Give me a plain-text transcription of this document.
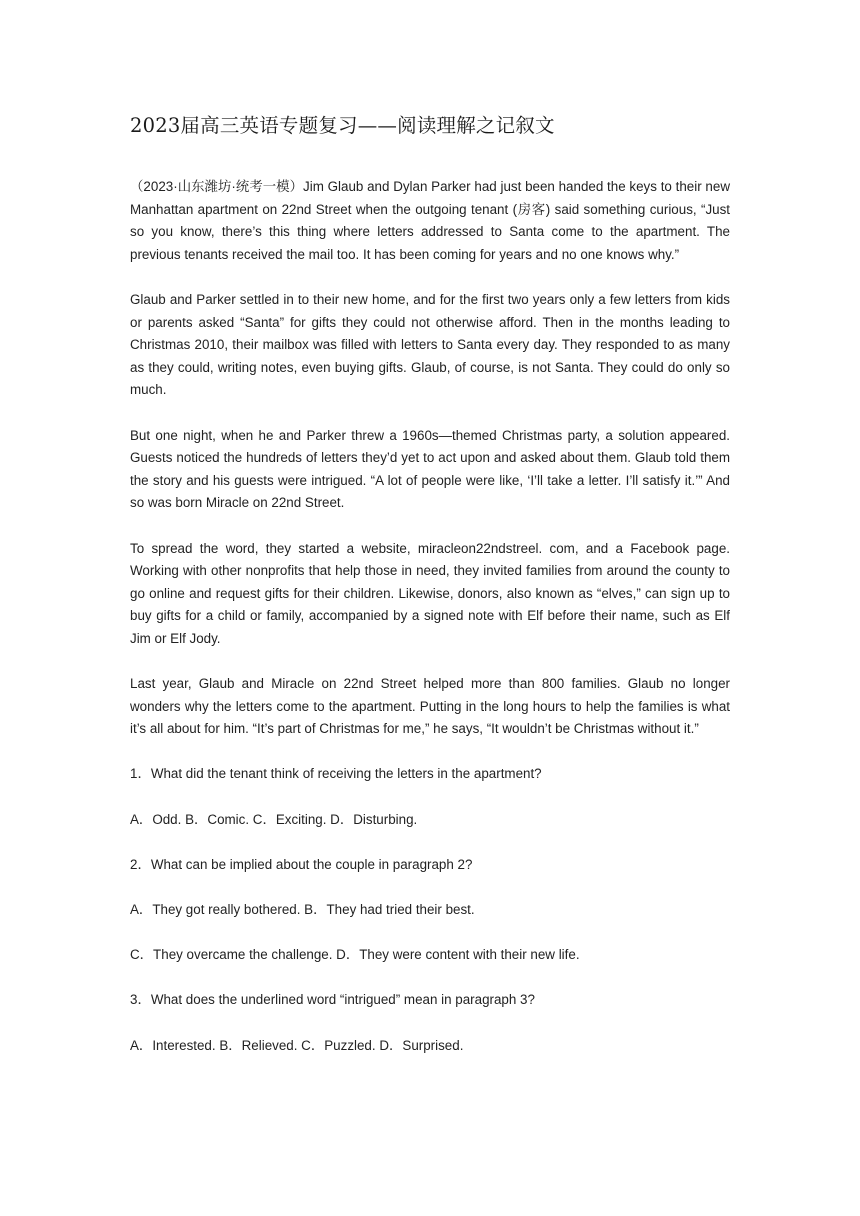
2023届高三英语专题复习——阅读理解之记叙文

（2023·山东潍坊·统考一模）Jim Glaub and Dylan Parker had just been handed the keys to their new Manhattan apartment on 22nd Street when the outgoing tenant (房客) said something curious, “Just so you know, there’s this thing where letters addressed to Santa come to the apartment. The previous tenants received the mail too. It has been coming for years and no one knows why.”

Glaub and Parker settled in to their new home, and for the first two years only a few letters from kids or parents asked “Santa” for gifts they could not otherwise afford. Then in the months leading to Christmas 2010, their mailbox was filled with letters to Santa every day. They responded to as many as they could, writing notes, even buying gifts. Glaub, of course, is not Santa. They could do only so much.

But one night, when he and Parker threw a 1960s—themed Christmas party, a solution appeared. Guests noticed the hundreds of letters they’d yet to act upon and asked about them. Glaub told them the story and his guests were intrigued. “A lot of people were like, ‘I’ll take a letter. I’ll satisfy it.’” And so was born Miracle on 22nd Street.

To spread the word, they started a website, miracleon22ndstreel. com, and a Facebook page. Working with other nonprofits that help those in need, they invited families from around the county to go online and request gifts for their children. Likewise, donors, also known as “elves,” can sign up to buy gifts for a child or family, accompanied by a signed note with Elf before their name, such as Elf Jim or Elf Jody.

Last year, Glaub and Miracle on 22nd Street helped more than 800 families. Glaub no longer wonders why the letters come to the apartment. Putting in the long hours to help the families is what it’s all about for him. “It’s part of Christmas for me,” he says, “It wouldn’t be Christmas without it.”

1．What did the tenant think of receiving the letters in the apartment?

A．Odd. B．Comic. C．Exciting. D．Disturbing.

2．What can be implied about the couple in paragraph 2?

A．They got really bothered. B．They had tried their best.

C．They overcame the challenge. D．They were content with their new life.

3．What does the underlined word “intrigued” mean in paragraph 3?

A．Interested. B．Relieved. C．Puzzled. D．Surprised.
